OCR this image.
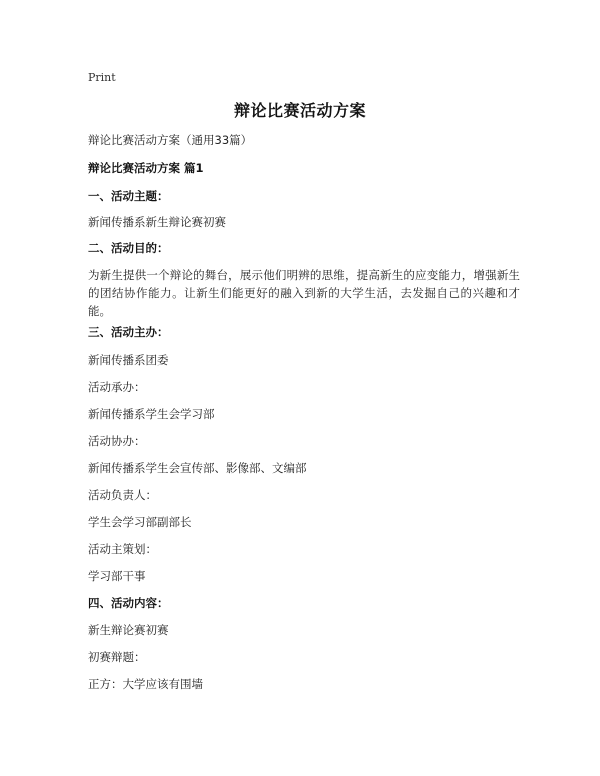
Print
辩论比赛活动方案
辩论比赛活动方案（通用33篇）
辩论比赛活动方案 篇1
一、活动主题：
新闻传播系新生辩论赛初赛
二、活动目的：
为新生提供一个辩论的舞台，展示他们明辨的思维，提高新生的应变能力，增强新生的团结协作能力。让新生们能更好的融入到新的大学生活，去发掘自己的兴趣和才能。
三、活动主办：
新闻传播系团委
活动承办：
新闻传播系学生会学习部
活动协办：
新闻传播系学生会宣传部、影像部、文编部
活动负责人：
学生会学习部副部长
活动主策划：
学习部干事
四、活动内容：
新生辩论赛初赛
初赛辩题：
正方：大学应该有围墙
